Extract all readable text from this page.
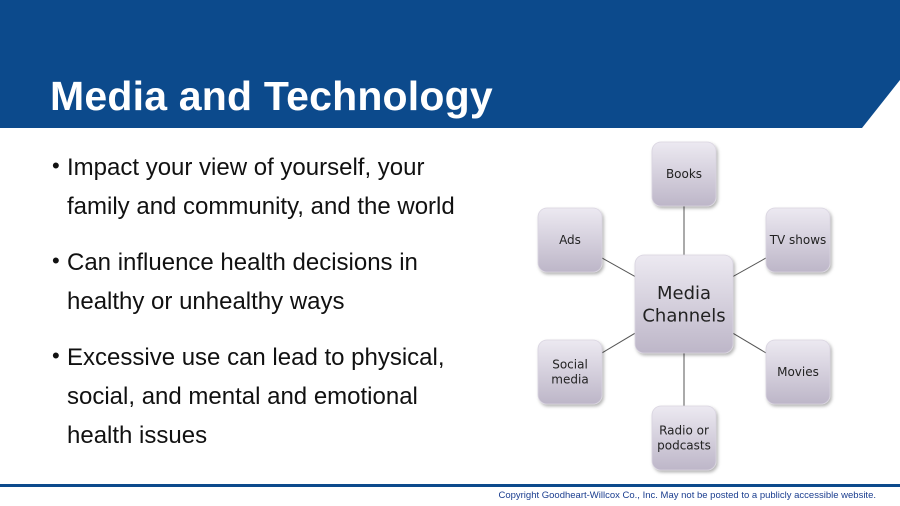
Media and Technology
• Impact your view of yourself, your family and community, and the world
• Can influence health decisions in healthy or unhealthy ways
• Excessive use can lead to physical, social, and mental and emotional health issues
Books
TV shows
Movies
Radio or
podcasts
Social
media
Ads
Media
Channels
Copyright Goodheart-Willcox Co., Inc. May not be posted to a publicly accessible website.
